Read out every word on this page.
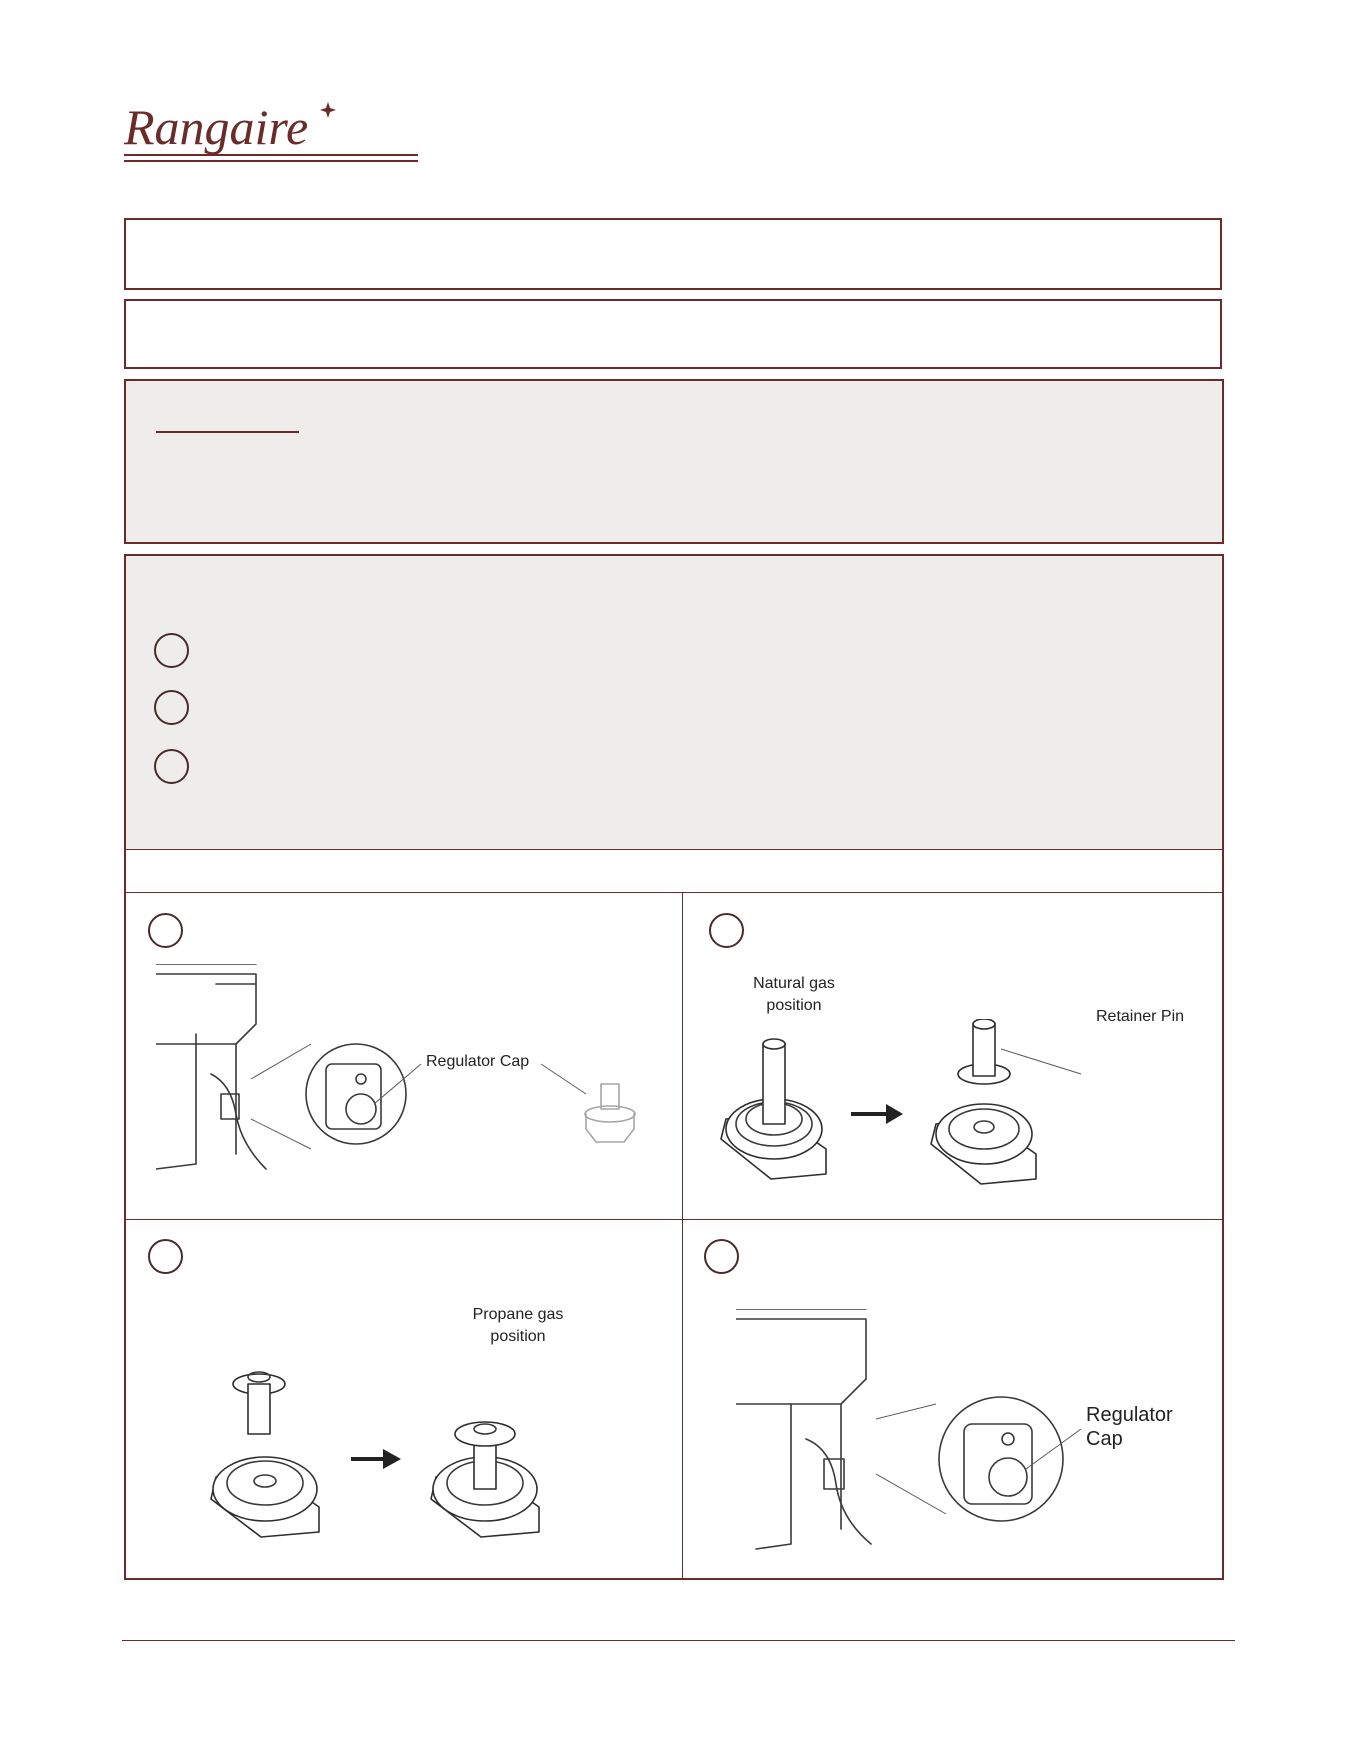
Rangaire
Regulator Cap
Natural gas position
Retainer Pin
Propane gas position
Regulator
Cap
